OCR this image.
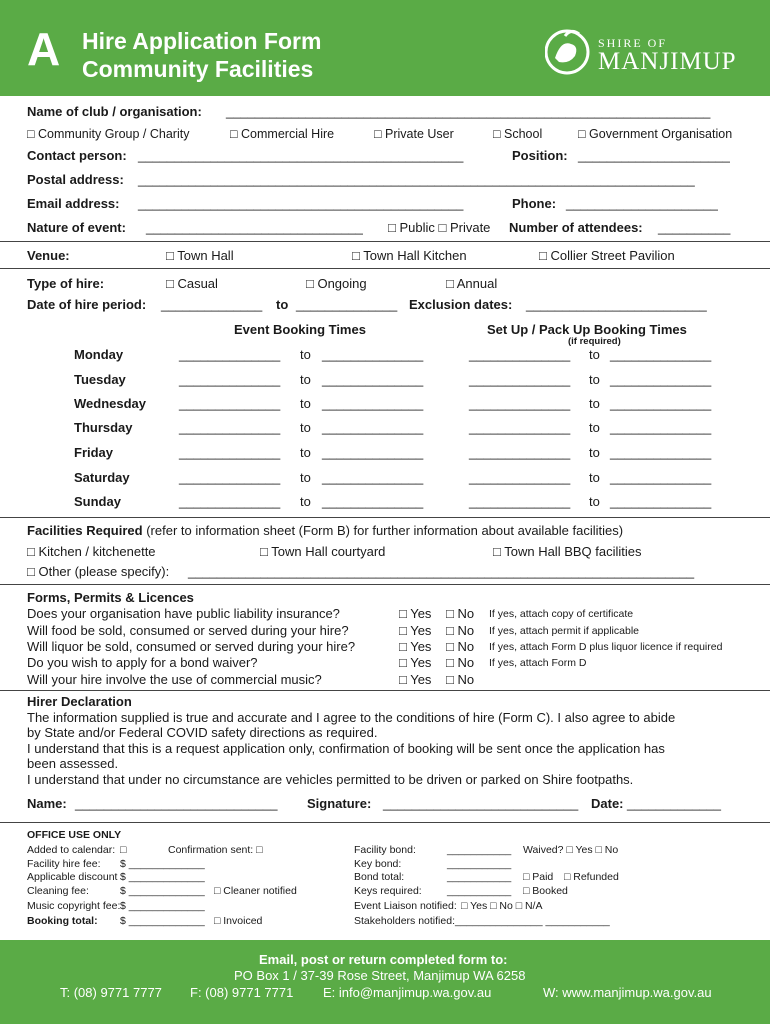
A Hire Application Form
Community Facilities
SHIRE OF
MANJIMUP
Name of club / organisation: ___________________________________________________________________
□ Community Group / Charity	□ Commercial Hire	□ Private User	□ School	□ Government Organisation
Contact person: _____________________________________________	Position: _____________________
Postal address: _____________________________________________________________________________
Email address: _____________________________________________	Phone: _____________________
Nature of event: ______________________________ □ Public □ Private Number of attendees: __________
Venue:	□ Town Hall	□ Town Hall Kitchen	□ Collier Street Pavilion
Type of hire:	□ Casual	□ Ongoing	□ Annual
Date of hire period: ______________ to ______________ Exclusion dates: _________________________
Event Booking Times	Set Up / Pack Up Booking Times
(if required)
Monday	______________ to ______________	______________ to ______________
Tuesday	______________ to ______________	______________ to ______________
Wednesday	______________ to ______________	______________ to ______________
Thursday	______________ to ______________	______________ to ______________
Friday	______________ to ______________	______________ to ______________
Saturday	______________ to ______________	______________ to ______________
Sunday	______________ to ______________	______________ to ______________
Facilities Required (refer to information sheet (Form B) for further information about available facilities)
□ Kitchen / kitchenette	□ Town Hall courtyard	□ Town Hall BBQ facilities
□ Other (please specify): ______________________________________________________________________
Forms, Permits & Licences
Does your organisation have public liability insurance?	□ Yes □ No If yes, attach copy of certificate
Will food be sold, consumed or served during your hire?	□ Yes □ No If yes, attach permit if applicable
Will liquor be sold, consumed or served during your hire?	□ Yes □ No If yes, attach Form D plus liquor licence if required
Do you wish to apply for a bond waiver?	□ Yes □ No If yes, attach Form D
Will your hire involve the use of commercial music?	□ Yes □ No
Hirer Declaration
The information supplied is true and accurate and I agree to the conditions of hire (Form C). I also agree to abide
by State and/or Federal COVID safety directions as required.
I understand that this is a request application only, confirmation of booking will be sent once the application has
been assessed.
I understand that under no circumstance are vehicles permitted to be driven or parked on Shire footpaths.
Name: ____________________________ Signature: ___________________________ Date: _____________
OFFICE USE ONLY
Added to calendar: □	Confirmation sent: □
Facility hire fee: $ _____________
Applicable discount $ _____________
Cleaning fee:	$ _____________ □ Cleaner notified
Music copyright fee: $ _____________
Booking total: $ _____________ □ Invoiced
Facility bond:	___________ Waived? □ Yes □ No
Key bond:	___________
Bond total:	___________ □ Paid □ Refunded
Keys required: ___________ □ Booked
Event Liaison notified: □ Yes □ No □ N/A
Stakeholders notified: _______________ ___________
Email, post or return completed form to:
PO Box 1 / 37-39 Rose Street, Manjimup WA 6258
T: (08) 9771 7777 F: (08) 9771 7771 E: info@manjimup.wa.gov.au	W: www.manjimup.wa.gov.au
